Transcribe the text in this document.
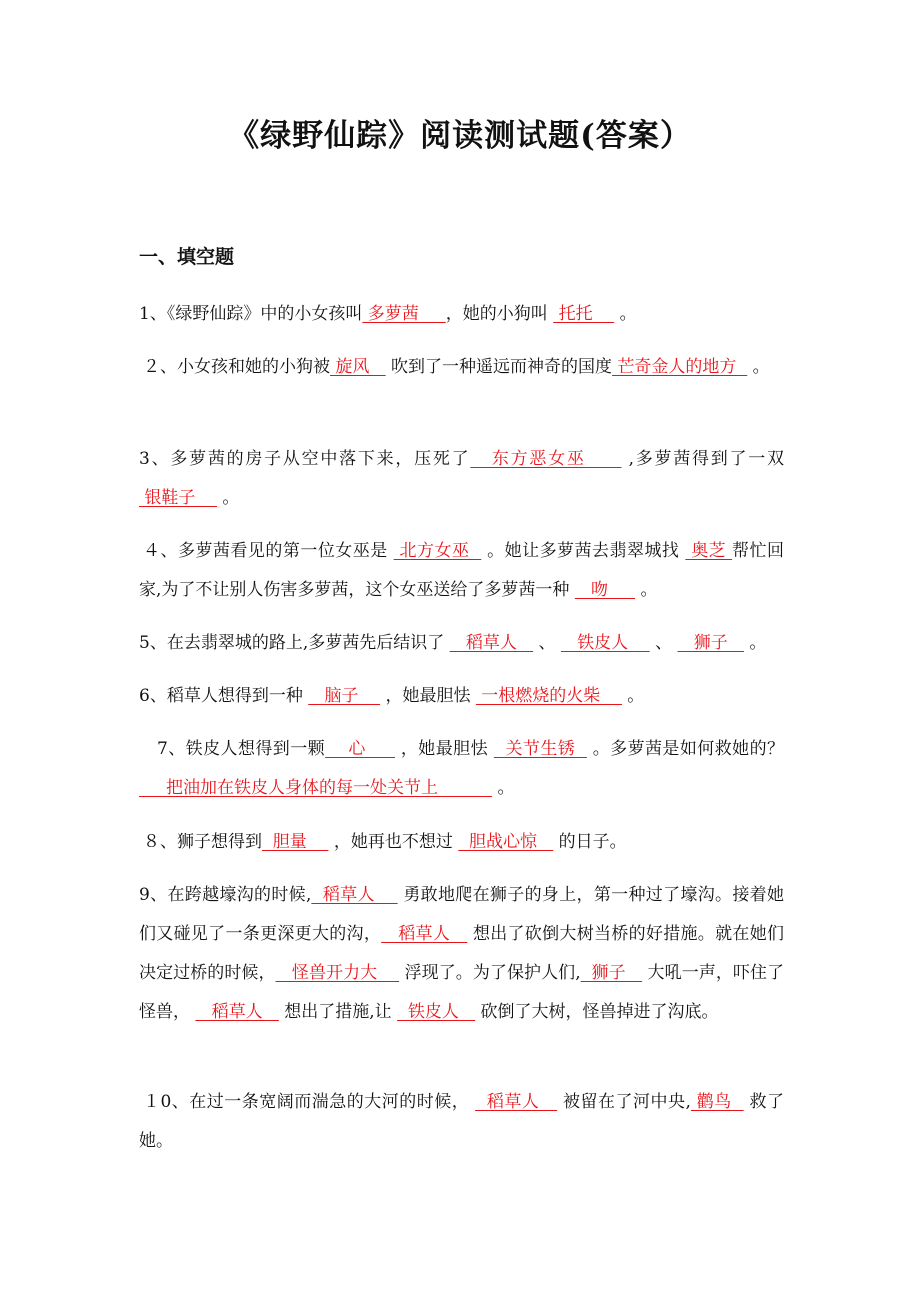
《绿野仙踪》阅读测试题(答案）
一、填空题
1、《绿野仙踪》中的小女孩叫 多萝茜     ，她的小狗叫  托托     。
２、小女孩和她的小狗被 旋风    吹到了一种遥远而神奇的国度 芒奇金人的地方   。
3、多萝茜的房子从空中落下来，压死了   东方恶女巫      ,多萝茜得到了一双 银鞋子     。
４、多萝茜看见的第一位女巫是  北方女巫   。她让多萝茜去翡翠城找  奥芝 帮忙回家,为了不让别人伤害多萝茜，这个女巫送给了多萝茜一种    吻      。
5、在去翡翠城的路上,多萝茜先后结识了    稻草人    、    铁皮人     、    狮子    。
6、稻草人想得到一种    脑子     ，她最胆怯  一根燃烧的火柴     。
7、铁皮人想得到一颗    心      ，她最胆怯   关节生锈   。多萝茜是如何救她的？      把油加在铁皮人身体的每一处关节上           。
８、狮子想得到  胆量     ，她再也不想过   胆战心惊    的日子。
9、在跨越壕沟的时候,  稻草人     勇敢地爬在狮子的身上，第一种过了壕沟。接着她们又碰见了一条更深更大的沟，   稻草人    想出了砍倒大树当桥的好措施。就在她们决定过桥的时候，   怪兽开力大     浮现了。为了保护人们,  狮子    大吼一声，吓住了怪兽，    稻草人    想出了措施,让   铁皮人    砍倒了大树，怪兽掉进了沟底。
１0、在过一条宽阔而湍急的大河的时候，   稻草人    被留在了河中央, 鹳鸟   救了她。
